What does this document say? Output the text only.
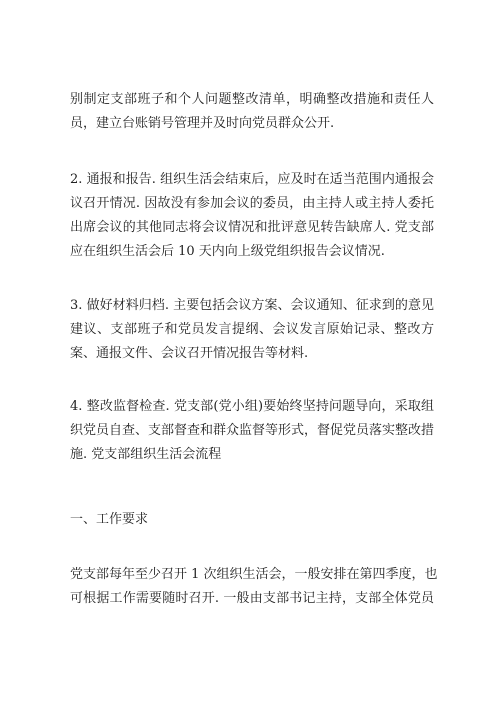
别制定支部班子和个人问题整改清单，明确整改措施和责任人
员，建立台账销号管理并及时向党员群众公开.

2. 通报和报告. 组织生活会结束后，应及时在适当范围内通报会
议召开情况. 因故没有参加会议的委员，由主持人或主持人委托
出席会议的其他同志将会议情况和批评意见转告缺席人. 党支部
应在组织生活会后 10 天内向上级党组织报告会议情况.

3. 做好材料归档. 主要包括会议方案、会议通知、征求到的意见
建议、支部班子和党员发言提纲、会议发言原始记录、整改方
案、通报文件、会议召开情况报告等材料.

4. 整改监督检查. 党支部(党小组)要始终坚持问题导向，采取组
织党员自查、支部督查和群众监督等形式，督促党员落实整改措
施. 党支部组织生活会流程

一、工作要求

党支部每年至少召开 1 次组织生活会，一般安排在第四季度，也
可根据工作需要随时召开. 一般由支部书记主持，支部全体党员
